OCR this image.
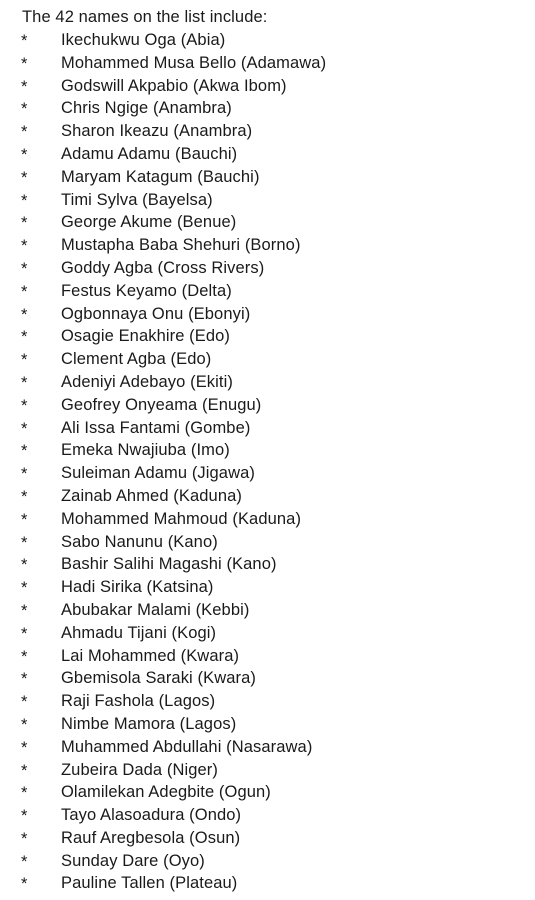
The 42 names on the list include:
* Ikechukwu Oga (Abia)
* Mohammed Musa Bello (Adamawa)
* Godswill Akpabio (Akwa Ibom)
* Chris Ngige (Anambra)
* Sharon Ikeazu (Anambra)
* Adamu Adamu (Bauchi)
* Maryam Katagum (Bauchi)
* Timi Sylva (Bayelsa)
* George Akume (Benue)
* Mustapha Baba Shehuri (Borno)
* Goddy Agba (Cross Rivers)
* Festus Keyamo (Delta)
* Ogbonnaya Onu (Ebonyi)
* Osagie Enakhire (Edo)
* Clement Agba (Edo)
* Adeniyi Adebayo (Ekiti)
* Geofrey Onyeama (Enugu)
* Ali Issa Fantami (Gombe)
* Emeka Nwajiuba (Imo)
* Suleiman Adamu (Jigawa)
* Zainab Ahmed (Kaduna)
* Mohammed Mahmoud (Kaduna)
* Sabo Nanunu (Kano)
* Bashir Salihi Magashi (Kano)
* Hadi Sirika (Katsina)
* Abubakar Malami (Kebbi)
* Ahmadu Tijani (Kogi)
* Lai Mohammed (Kwara)
* Gbemisola Saraki (Kwara)
* Raji Fashola (Lagos)
* Nimbe Mamora (Lagos)
* Muhammed Abdullahi (Nasarawa)
* Zubeira Dada (Niger)
* Olamilekan Adegbite (Ogun)
* Tayo Alasoadura (Ondo)
* Rauf Aregbesola (Osun)
* Sunday Dare (Oyo)
* Pauline Tallen (Plateau)
